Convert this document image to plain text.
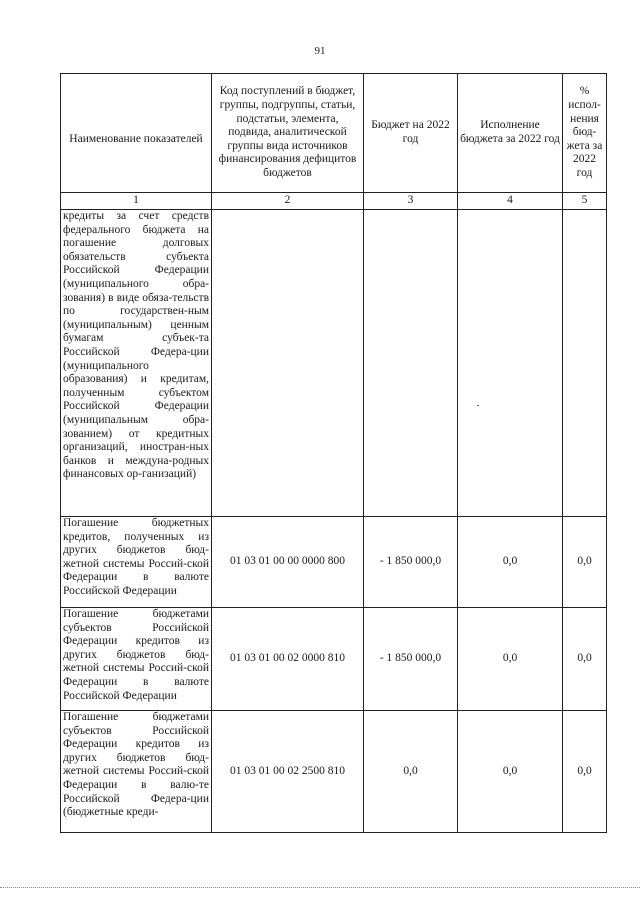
91
Наименование показателей	Код поступлений в бюджет, группы, подгруппы, статьи, подстатьи, элемента, подвида, аналитической группы вида источников финансирования дефицитов бюджетов	Бюджет на 2022 год	Исполнение бюджета за 2022 год	% испол-нения бюд-жета за 2022 год
1	2	3	4	5
кредиты за счет средств федерального бюджета на погашение долговых обязательств субъекта Российской Федерации (муниципального обра-зования) в виде обяза-тельств по государствен-ным (муниципальным) ценным бумагам субъек-та Российской Федера-ции (муниципального образования) и кредитам, полученным субъектом Российской Федерации (муниципальным обра-зованием) от кредитных организаций, иностран-ных банков и междуна-родных финансовых ор-ганизаций)				
Погашение бюджетных кредитов, полученных из других бюджетов бюд-жетной системы Россий-ской Федерации в валюте Российской Федерации	01 03 01 00 00 0000 800	- 1 850 000,0	0,0	0,0
Погашение бюджетами субъектов Российской Федерации кредитов из других бюджетов бюд-жетной системы Россий-ской Федерации в валюте Российской Федерации	01 03 01 00 02 0000 810	- 1 850 000,0	0,0	0,0
Погашение бюджетами субъектов Российской Федерации кредитов из других бюджетов бюд-жетной системы Россий-ской Федерации в валю-те Российской Федера-ции (бюджетные креди-	01 03 01 00 02 2500 810	0,0	0,0	0,0
